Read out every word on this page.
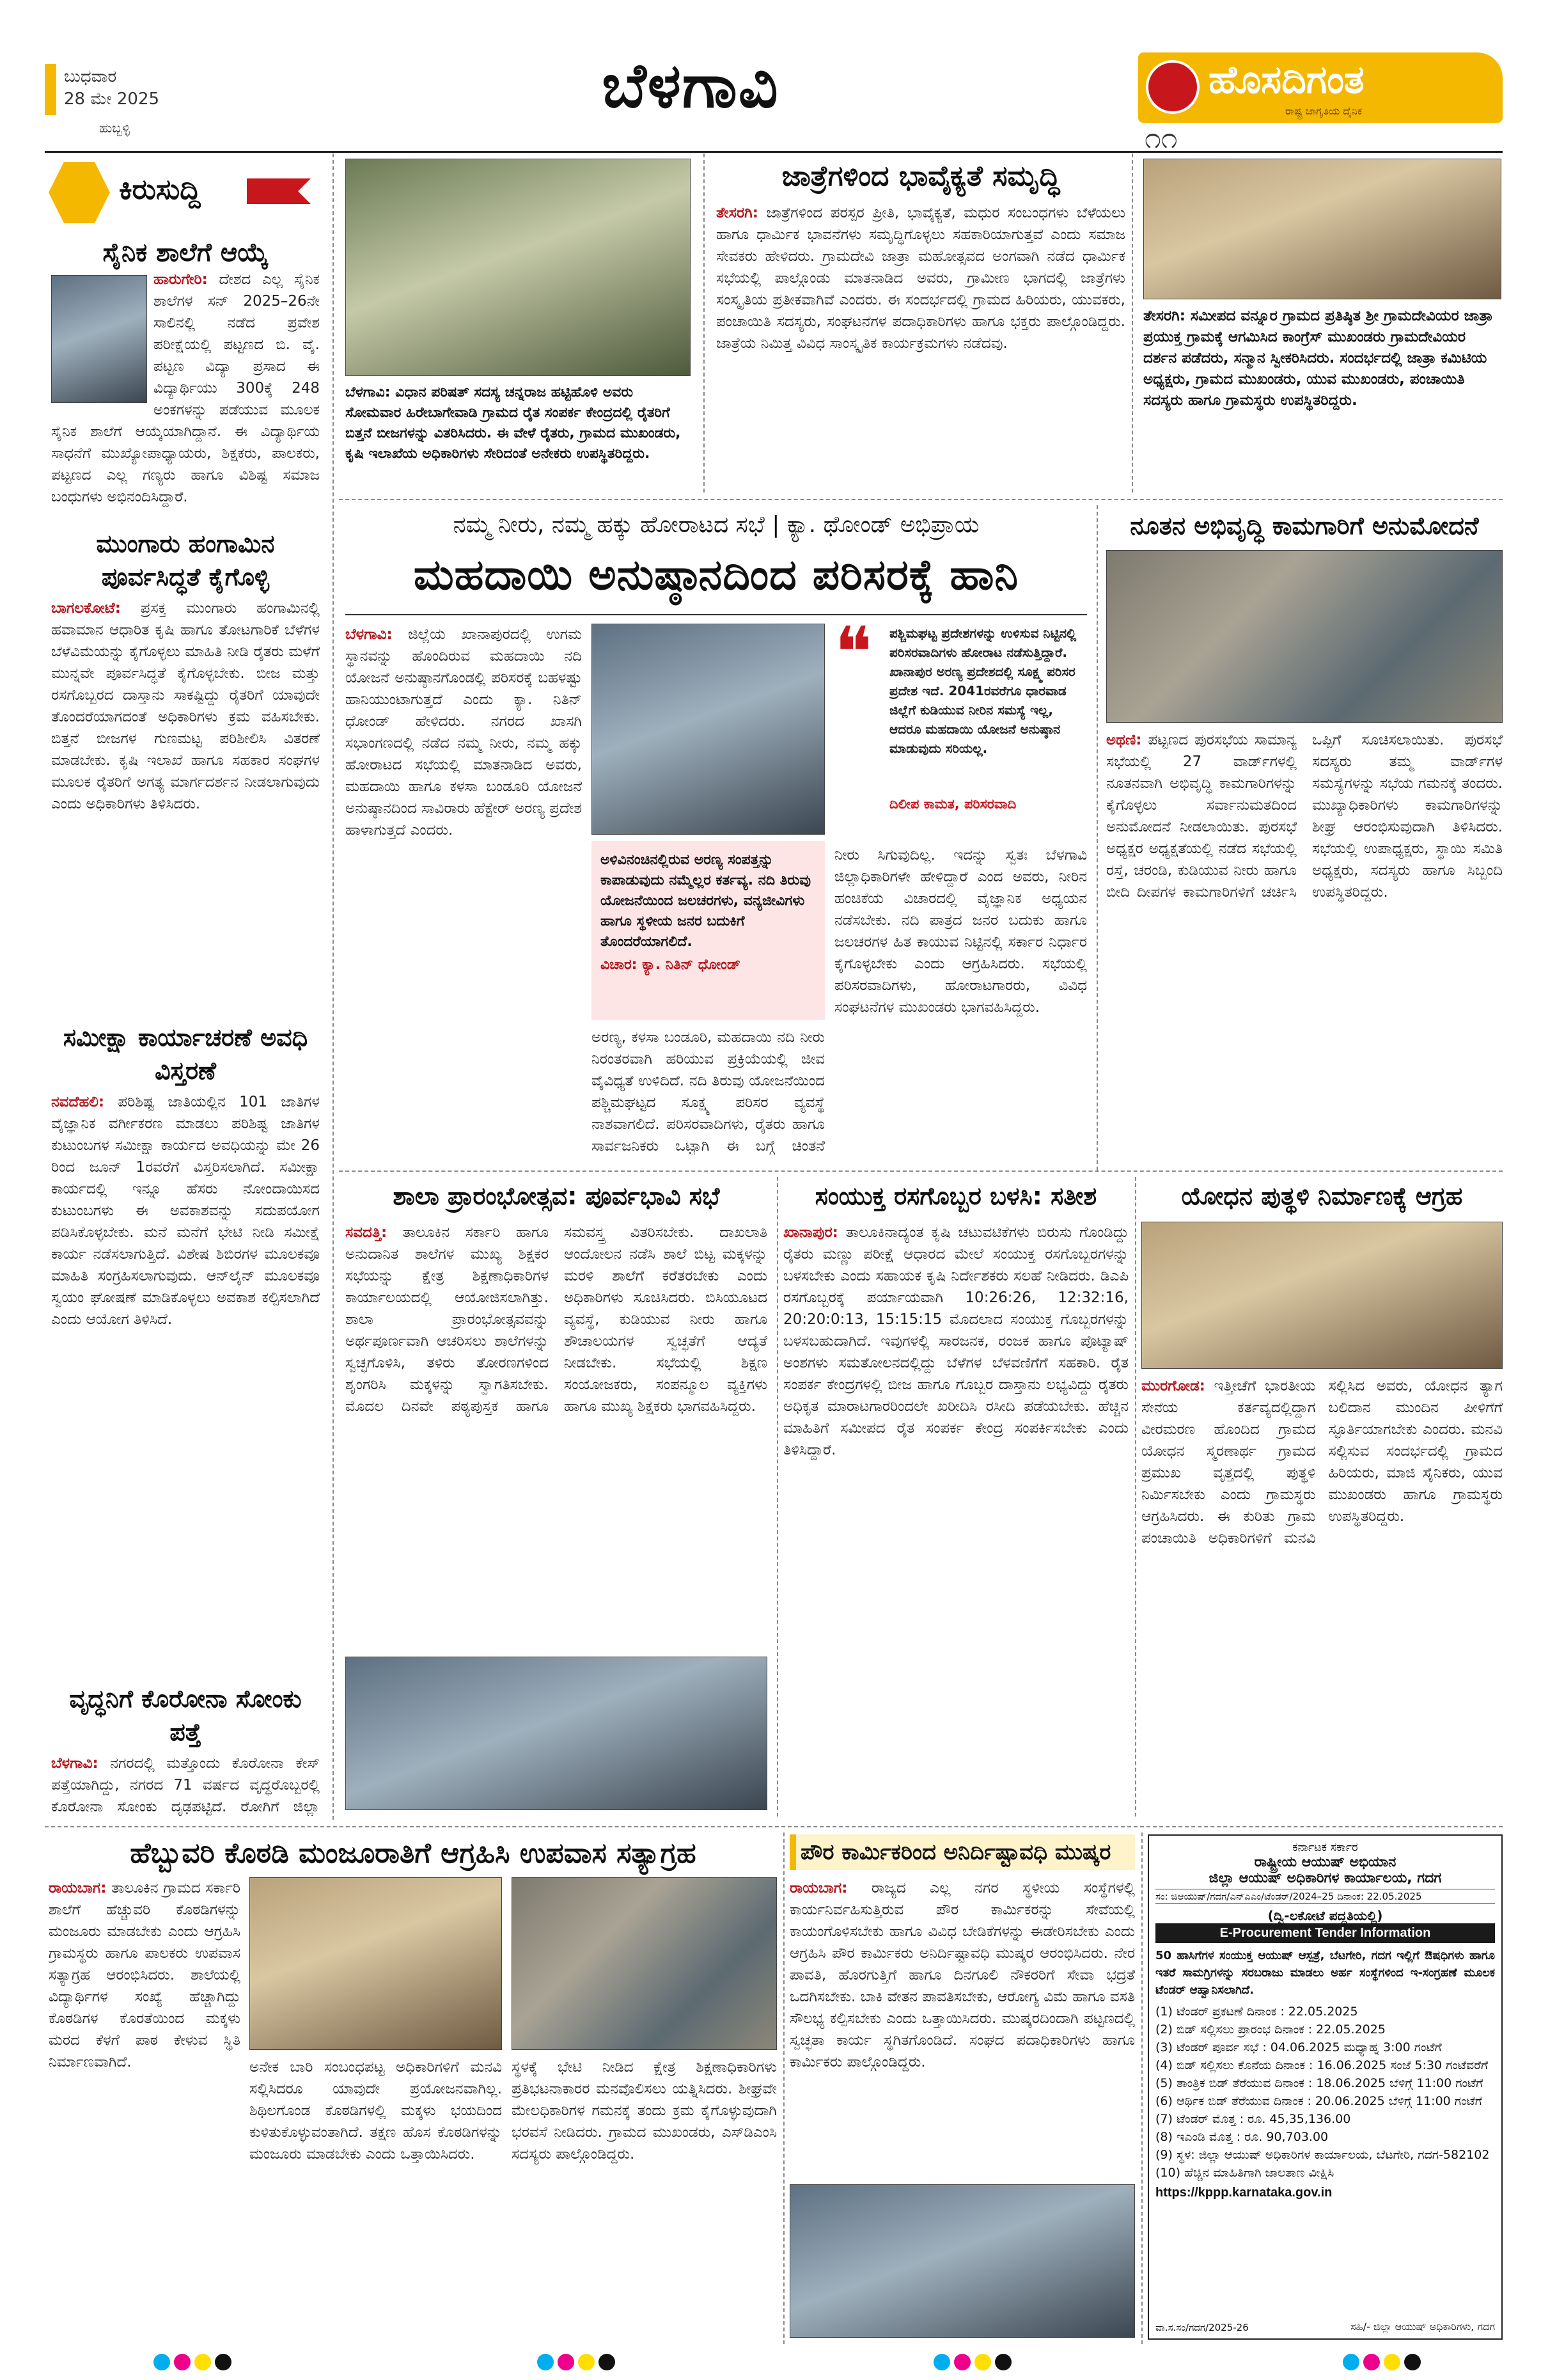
ಬುಧವಾರ
28 ಮೇ 2025
ಹುಬ್ಬಳ್ಳಿ
ಬೆಳಗಾವಿ	ಹೊಸದಿಗಂತ
ರಾಷ್ಟ್ರ ಜಾಗೃತಿಯ ದೈನಿಕ
೧೧
ಕಿರುಸುದ್ದಿ
ಸೈನಿಕ ಶಾಲೆಗೆ ಆಯ್ಕೆ
ಹಾರುಗೇರಿ: ದೇಶದ ಎಲ್ಲ ಸೈನಿಕ ಶಾಲೆಗಳ ಸನ್ 2025–26ನೇ ಸಾಲಿನಲ್ಲಿ ನಡೆದ ಪ್ರವೇಶ ಪರೀಕ್ಷೆಯಲ್ಲಿ ಪಟ್ಟಣದ ಬಿ. ವೈ. ಪಟ್ಟಣ ವಿದ್ಯಾ ಪ್ರಸಾದ ಈ ವಿದ್ಯಾರ್ಥಿಯು 300ಕ್ಕೆ 248 ಅಂಕಗಳನ್ನು ಪಡೆಯುವ ಮೂಲಕ ಸೈನಿಕ ಶಾಲೆಗೆ ಆಯ್ಕೆಯಾಗಿದ್ದಾನೆ. ಈ ವಿದ್ಯಾರ್ಥಿಯ ಸಾಧನೆಗೆ ಮುಖ್ಯೋಪಾಧ್ಯಾಯರು, ಶಿಕ್ಷಕರು, ಪಾಲಕರು, ಪಟ್ಟಣದ ಎಲ್ಲ ಗಣ್ಯರು ಹಾಗೂ ವಿಶಿಷ್ಟ ಸಮಾಜ ಬಂಧುಗಳು ಅಭಿನಂದಿಸಿದ್ದಾರೆ.
ಮುಂಗಾರು ಹಂಗಾಮಿನ ಪೂರ್ವಸಿದ್ಧತೆ ಕೈಗೊಳ್ಳಿ
ಬಾಗಲಕೋಟೆ: ಪ್ರಸಕ್ತ ಮುಂಗಾರು ಹಂಗಾಮಿನಲ್ಲಿ ಹವಾಮಾನ ಆಧಾರಿತ ಕೃಷಿ ಹಾಗೂ ತೋಟಗಾರಿಕೆ ಬೆಳೆಗಳ ಬೆಳೆವಿಮೆಯನ್ನು ಕೈಗೊಳ್ಳಲು ಮಾಹಿತಿ ನೀಡಿ ರೈತರು ಮಳೆಗೆ ಮುನ್ನವೇ ಪೂರ್ವಸಿದ್ಧತೆ ಕೈಗೊಳ್ಳಬೇಕು. ಬೀಜ ಮತ್ತು ರಸಗೊಬ್ಬರದ ದಾಸ್ತಾನು ಸಾಕಷ್ಟಿದ್ದು ರೈತರಿಗೆ ಯಾವುದೇ ತೊಂದರೆಯಾಗದಂತೆ ಅಧಿಕಾರಿಗಳು ಕ್ರಮ ವಹಿಸಬೇಕು. ಬಿತ್ತನೆ ಬೀಜಗಳ ಗುಣಮಟ್ಟ ಪರಿಶೀಲಿಸಿ ವಿತರಣೆ ಮಾಡಬೇಕು. ಕೃಷಿ ಇಲಾಖೆ ಹಾಗೂ ಸಹಕಾರ ಸಂಘಗಳ ಮೂಲಕ ರೈತರಿಗೆ ಅಗತ್ಯ ಮಾರ್ಗದರ್ಶನ ನೀಡಲಾಗುವುದು ಎಂದು ಅಧಿಕಾರಿಗಳು ತಿಳಿಸಿದರು.
ಸಮೀಕ್ಷಾ ಕಾರ್ಯಾಚರಣೆ ಅವಧಿ ವಿಸ್ತರಣೆ
ನವದೆಹಲಿ: ಪರಿಶಿಷ್ಟ ಜಾತಿಯಲ್ಲಿನ 101 ಜಾತಿಗಳ ವೈಜ್ಞಾನಿಕ ವರ್ಗೀಕರಣ ಮಾಡಲು ಪರಿಶಿಷ್ಟ ಜಾತಿಗಳ ಕುಟುಂಬಗಳ ಸಮೀಕ್ಷಾ ಕಾರ್ಯದ ಅವಧಿಯನ್ನು ಮೇ 26 ರಿಂದ ಜೂನ್ 1ರವರೆಗೆ ವಿಸ್ತರಿಸಲಾಗಿದೆ. ಸಮೀಕ್ಷಾ ಕಾರ್ಯದಲ್ಲಿ ಇನ್ನೂ ಹೆಸರು ನೋಂದಾಯಿಸದ ಕುಟುಂಬಗಳು ಈ ಅವಕಾಶವನ್ನು ಸದುಪಯೋಗ ಪಡಿಸಿಕೊಳ್ಳಬೇಕು. ಮನೆ ಮನೆಗೆ ಭೇಟಿ ನೀಡಿ ಸಮೀಕ್ಷೆ ಕಾರ್ಯ ನಡೆಸಲಾಗುತ್ತಿದೆ. ವಿಶೇಷ ಶಿಬಿರಗಳ ಮೂಲಕವೂ ಮಾಹಿತಿ ಸಂಗ್ರಹಿಸಲಾಗುವುದು. ಆನ್‌ಲೈನ್ ಮೂಲಕವೂ ಸ್ವಯಂ ಘೋಷಣೆ ಮಾಡಿಕೊಳ್ಳಲು ಅವಕಾಶ ಕಲ್ಪಿಸಲಾಗಿದೆ ಎಂದು ಆಯೋಗ ತಿಳಿಸಿದೆ.
ವೃದ್ಧನಿಗೆ ಕೊರೋನಾ ಸೋಂಕು ಪತ್ತೆ
ಬೆಳಗಾವಿ: ನಗರದಲ್ಲಿ ಮತ್ತೊಂದು ಕೊರೋನಾ ಕೇಸ್ ಪತ್ತೆಯಾಗಿದ್ದು, ನಗರದ 71 ವರ್ಷದ ವೃದ್ಧರೊಬ್ಬರಲ್ಲಿ ಕೊರೋನಾ ಸೋಂಕು ದೃಢಪಟ್ಟಿದೆ. ರೋಗಿಗೆ ಜಿಲ್ಲಾ
ಬೆಳಗಾವಿ: ವಿಧಾನ ಪರಿಷತ್ ಸದಸ್ಯ ಚನ್ನರಾಜ ಹಟ್ಟಿಹೊಳಿ ಅವರು ಸೋಮವಾರ ಹಿರೇಬಾಗೇವಾಡಿ ಗ್ರಾಮದ ರೈತ ಸಂಪರ್ಕ ಕೇಂದ್ರದಲ್ಲಿ ರೈತರಿಗೆ ಬಿತ್ತನೆ ಬೀಜಗಳನ್ನು ವಿತರಿಸಿದರು. ಈ ವೇಳೆ ರೈತರು, ಗ್ರಾಮದ ಮುಖಂಡರು, ಕೃಷಿ ಇಲಾಖೆಯ ಅಧಿಕಾರಿಗಳು ಸೇರಿದಂತೆ ಅನೇಕರು ಉಪಸ್ಥಿತರಿದ್ದರು.
ಜಾತ್ರೆಗಳಿಂದ ಭಾವೈಕ್ಯತೆ ಸಮೃದ್ಧಿ
ತೇಸರಗಿ: ಜಾತ್ರೆಗಳಿಂದ ಪರಸ್ಪರ ಪ್ರೀತಿ, ಭಾವೈಕ್ಯತೆ, ಮಧುರ ಸಂಬಂಧಗಳು ಬೆಳೆಯಲು ಹಾಗೂ ಧಾರ್ಮಿಕ ಭಾವನೆಗಳು ಸಮೃದ್ಧಿಗೊಳ್ಳಲು ಸಹಕಾರಿಯಾಗುತ್ತವೆ ಎಂದು ಸಮಾಜ ಸೇವಕರು ಹೇಳಿದರು. ಗ್ರಾಮದೇವಿ ಜಾತ್ರಾ ಮಹೋತ್ಸವದ ಅಂಗವಾಗಿ ನಡೆದ ಧಾರ್ಮಿಕ ಸಭೆಯಲ್ಲಿ ಪಾಲ್ಗೊಂಡು ಮಾತನಾಡಿದ ಅವರು, ಗ್ರಾಮೀಣ ಭಾಗದಲ್ಲಿ ಜಾತ್ರೆಗಳು ಸಂಸ್ಕೃತಿಯ ಪ್ರತೀಕವಾಗಿವೆ ಎಂದರು. ಈ ಸಂದರ್ಭದಲ್ಲಿ ಗ್ರಾಮದ ಹಿರಿಯರು, ಯುವಕರು, ಪಂಚಾಯಿತಿ ಸದಸ್ಯರು, ಸಂಘಟನೆಗಳ ಪದಾಧಿಕಾರಿಗಳು ಹಾಗೂ ಭಕ್ತರು ಪಾಲ್ಗೊಂಡಿದ್ದರು. ಜಾತ್ರೆಯ ನಿಮಿತ್ತ ವಿವಿಧ ಸಾಂಸ್ಕೃತಿಕ ಕಾರ್ಯಕ್ರಮಗಳು ನಡೆದವು.
ತೇಸರಗಿ: ಸಮೀಪದ ವನ್ನೂರ ಗ್ರಾಮದ ಪ್ರತಿಷ್ಠಿತ ಶ್ರೀ ಗ್ರಾಮದೇವಿಯರ ಜಾತ್ರಾ ಪ್ರಯುಕ್ತ ಗ್ರಾಮಕ್ಕೆ ಆಗಮಿಸಿದ ಕಾಂಗ್ರೆಸ್ ಮುಖಂಡರು ಗ್ರಾಮದೇವಿಯರ ದರ್ಶನ ಪಡೆದರು, ಸನ್ಮಾನ ಸ್ವೀಕರಿಸಿದರು. ಸಂದರ್ಭದಲ್ಲಿ ಜಾತ್ರಾ ಕಮಿಟಿಯ ಅಧ್ಯಕ್ಷರು, ಗ್ರಾಮದ ಮುಖಂಡರು, ಯುವ ಮುಖಂಡರು, ಪಂಚಾಯಿತಿ ಸದಸ್ಯರು ಹಾಗೂ ಗ್ರಾಮಸ್ಥರು ಉಪಸ್ಥಿತರಿದ್ದರು.
ನಮ್ಮ ನೀರು, ನಮ್ಮ ಹಕ್ಕು ಹೋರಾಟದ ಸಭೆ | ಕ್ಯಾ. ಥೋಂಡ್ ಅಭಿಪ್ರಾಯ
ಮಹದಾಯಿ ಅನುಷ್ಠಾನದಿಂದ ಪರಿಸರಕ್ಕೆ ಹಾನಿ
ಬೆಳಗಾವಿ: ಜಿಲ್ಲೆಯ ಖಾನಾಪುರದಲ್ಲಿ ಉಗಮ ಸ್ಥಾನವನ್ನು ಹೊಂದಿರುವ ಮಹದಾಯಿ ನದಿ ಯೋಜನೆ ಅನುಷ್ಠಾನಗೊಂಡಲ್ಲಿ ಪರಿಸರಕ್ಕೆ ಬಹಳಷ್ಟು ಹಾನಿಯುಂಟಾಗುತ್ತದೆ ಎಂದು ಕ್ಯಾ. ನಿತಿನ್ ಧೋಂಡ್ ಹೇಳಿದರು. ನಗರದ ಖಾಸಗಿ ಸಭಾಂಗಣದಲ್ಲಿ ನಡೆದ ನಮ್ಮ ನೀರು, ನಮ್ಮ ಹಕ್ಕು ಹೋರಾಟದ ಸಭೆಯಲ್ಲಿ ಮಾತನಾಡಿದ ಅವರು, ಮಹದಾಯಿ ಹಾಗೂ ಕಳಸಾ ಬಂಡೂರಿ ಯೋಜನೆ ಅನುಷ್ಠಾನದಿಂದ ಸಾವಿರಾರು ಹೆಕ್ಟೇರ್ ಅರಣ್ಯ ಪ್ರದೇಶ ಹಾಳಾಗುತ್ತದೆ ಎಂದರು.
ಅಳಿವಿನಂಚಿನಲ್ಲಿರುವ ಅರಣ್ಯ ಸಂಪತ್ತನ್ನು ಕಾಪಾಡುವುದು ನಮ್ಮೆಲ್ಲರ ಕರ್ತವ್ಯ. ನದಿ ತಿರುವು ಯೋಜನೆಯಿಂದ ಜಲಚರಗಳು, ವನ್ಯಜೀವಿಗಳು ಹಾಗೂ ಸ್ಥಳೀಯ ಜನರ ಬದುಕಿಗೆ ತೊಂದರೆಯಾಗಲಿದೆ.
ವಿಚಾರ: ಕ್ಯಾ. ನಿತಿನ್ ಧೋಂಡ್
ಅರಣ್ಯ, ಕಳಸಾ ಬಂಡೂರಿ, ಮಹದಾಯಿ ನದಿ ನೀರು ನಿರಂತರವಾಗಿ ಹರಿಯುವ ಪ್ರಕ್ರಿಯೆಯಲ್ಲಿ ಜೀವ ವೈವಿಧ್ಯತೆ ಉಳಿದಿದೆ. ನದಿ ತಿರುವು ಯೋಜನೆಯಿಂದ ಪಶ್ಚಿಮಘಟ್ಟದ ಸೂಕ್ಷ್ಮ ಪರಿಸರ ವ್ಯವಸ್ಥೆ ನಾಶವಾಗಲಿದೆ. ಪರಿಸರವಾದಿಗಳು, ರೈತರು ಹಾಗೂ ಸಾರ್ವಜನಿಕರು ಒಟ್ಟಾಗಿ ಈ ಬಗ್ಗೆ ಚಿಂತನೆ
❝	ಪಶ್ಚಿಮಘಟ್ಟ ಪ್ರದೇಶಗಳನ್ನು ಉಳಿಸುವ ನಿಟ್ಟಿನಲ್ಲಿ ಪರಿಸರವಾದಿಗಳು ಹೋರಾಟ ನಡೆಸುತ್ತಿದ್ದಾರೆ. ಖಾನಾಪುರ ಅರಣ್ಯ ಪ್ರದೇಶದಲ್ಲಿ ಸೂಕ್ಷ್ಮ ಪರಿಸರ ಪ್ರದೇಶ ಇದೆ. 2041ರವರೆಗೂ ಧಾರವಾಡ ಜಿಲ್ಲೆಗೆ ಕುಡಿಯುವ ನೀರಿನ ಸಮಸ್ಯೆ ಇಲ್ಲ, ಆದರೂ ಮಹದಾಯಿ ಯೋಜನೆ ಅನುಷ್ಠಾನ ಮಾಡುವುದು ಸರಿಯಲ್ಲ.
ದಿಲೀಪ ಕಾಮತ, ಪರಿಸರವಾದಿ
ನೀರು ಸಿಗುವುದಿಲ್ಲ. ಇದನ್ನು ಸ್ವತಃ ಬೆಳಗಾವಿ ಜಿಲ್ಲಾಧಿಕಾರಿಗಳೇ ಹೇಳಿದ್ದಾರೆ ಎಂದ ಅವರು, ನೀರಿನ ಹಂಚಿಕೆಯ ವಿಚಾರದಲ್ಲಿ ವೈಜ್ಞಾನಿಕ ಅಧ್ಯಯನ ನಡೆಸಬೇಕು. ನದಿ ಪಾತ್ರದ ಜನರ ಬದುಕು ಹಾಗೂ ಜಲಚರಗಳ ಹಿತ ಕಾಯುವ ನಿಟ್ಟಿನಲ್ಲಿ ಸರ್ಕಾರ ನಿರ್ಧಾರ ಕೈಗೊಳ್ಳಬೇಕು ಎಂದು ಆಗ್ರಹಿಸಿದರು. ಸಭೆಯಲ್ಲಿ ಪರಿಸರವಾದಿಗಳು, ಹೋರಾಟಗಾರರು, ವಿವಿಧ ಸಂಘಟನೆಗಳ ಮುಖಂಡರು ಭಾಗವಹಿಸಿದ್ದರು.
ನೂತನ ಅಭಿವೃದ್ಧಿ ಕಾಮಗಾರಿಗೆ ಅನುಮೋದನೆ
ಅಥಣಿ: ಪಟ್ಟಣದ ಪುರಸಭೆಯ ಸಾಮಾನ್ಯ ಸಭೆಯಲ್ಲಿ 27 ವಾರ್ಡ್‌ಗಳಲ್ಲಿ ನೂತನವಾಗಿ ಅಭಿವೃದ್ಧಿ ಕಾಮಗಾರಿಗಳನ್ನು ಕೈಗೊಳ್ಳಲು ಸರ್ವಾನುಮತದಿಂದ ಅನುಮೋದನೆ ನೀಡಲಾಯಿತು. ಪುರಸಭೆ ಅಧ್ಯಕ್ಷರ ಅಧ್ಯಕ್ಷತೆಯಲ್ಲಿ ನಡೆದ ಸಭೆಯಲ್ಲಿ ರಸ್ತೆ, ಚರಂಡಿ, ಕುಡಿಯುವ ನೀರು ಹಾಗೂ ಬೀದಿ ದೀಪಗಳ ಕಾಮಗಾರಿಗಳಿಗೆ ಚರ್ಚಿಸಿ ಒಪ್ಪಿಗೆ ಸೂಚಿಸಲಾಯಿತು. ಪುರಸಭೆ ಸದಸ್ಯರು ತಮ್ಮ ವಾರ್ಡ್‌ಗಳ ಸಮಸ್ಯೆಗಳನ್ನು ಸಭೆಯ ಗಮನಕ್ಕೆ ತಂದರು. ಮುಖ್ಯಾಧಿಕಾರಿಗಳು ಕಾಮಗಾರಿಗಳನ್ನು ಶೀಘ್ರ ಆರಂಭಿಸುವುದಾಗಿ ತಿಳಿಸಿದರು. ಸಭೆಯಲ್ಲಿ ಉಪಾಧ್ಯಕ್ಷರು, ಸ್ಥಾಯಿ ಸಮಿತಿ ಅಧ್ಯಕ್ಷರು, ಸದಸ್ಯರು ಹಾಗೂ ಸಿಬ್ಬಂದಿ ಉಪಸ್ಥಿತರಿದ್ದರು.
ಶಾಲಾ ಪ್ರಾರಂಭೋತ್ಸವ: ಪೂರ್ವಭಾವಿ ಸಭೆ
ಸವದತ್ತಿ: ತಾಲೂಕಿನ ಸರ್ಕಾರಿ ಹಾಗೂ ಅನುದಾನಿತ ಶಾಲೆಗಳ ಮುಖ್ಯ ಶಿಕ್ಷಕರ ಸಭೆಯನ್ನು ಕ್ಷೇತ್ರ ಶಿಕ್ಷಣಾಧಿಕಾರಿಗಳ ಕಾರ್ಯಾಲಯದಲ್ಲಿ ಆಯೋಜಿಸಲಾಗಿತ್ತು. ಶಾಲಾ ಪ್ರಾರಂಭೋತ್ಸವವನ್ನು ಅರ್ಥಪೂರ್ಣವಾಗಿ ಆಚರಿಸಲು ಶಾಲೆಗಳನ್ನು ಸ್ವಚ್ಛಗೊಳಿಸಿ, ತಳಿರು ತೋರಣಗಳಿಂದ ಶೃಂಗರಿಸಿ ಮಕ್ಕಳನ್ನು ಸ್ವಾಗತಿಸಬೇಕು. ಮೊದಲ ದಿನವೇ ಪಠ್ಯಪುಸ್ತಕ ಹಾಗೂ ಸಮವಸ್ತ್ರ ವಿತರಿಸಬೇಕು. ದಾಖಲಾತಿ ಆಂದೋಲನ ನಡೆಸಿ ಶಾಲೆ ಬಿಟ್ಟ ಮಕ್ಕಳನ್ನು ಮರಳಿ ಶಾಲೆಗೆ ಕರೆತರಬೇಕು ಎಂದು ಅಧಿಕಾರಿಗಳು ಸೂಚಿಸಿದರು. ಬಿಸಿಯೂಟದ ವ್ಯವಸ್ಥೆ, ಕುಡಿಯುವ ನೀರು ಹಾಗೂ ಶೌಚಾಲಯಗಳ ಸ್ವಚ್ಛತೆಗೆ ಆದ್ಯತೆ ನೀಡಬೇಕು. ಸಭೆಯಲ್ಲಿ ಶಿಕ್ಷಣ ಸಂಯೋಜಕರು, ಸಂಪನ್ಮೂಲ ವ್ಯಕ್ತಿಗಳು ಹಾಗೂ ಮುಖ್ಯ ಶಿಕ್ಷಕರು ಭಾಗವಹಿಸಿದ್ದರು.
ಸಂಯುಕ್ತ ರಸಗೊಬ್ಬರ ಬಳಸಿ: ಸತೀಶ
ಖಾನಾಪುರ: ತಾಲೂಕಿನಾದ್ಯಂತ ಕೃಷಿ ಚಟುವಟಿಕೆಗಳು ಬಿರುಸು ಗೊಂಡಿದ್ದು ರೈತರು ಮಣ್ಣು ಪರೀಕ್ಷೆ ಆಧಾರದ ಮೇಲೆ ಸಂಯುಕ್ತ ರಸಗೊಬ್ಬರಗಳನ್ನು ಬಳಸಬೇಕು ಎಂದು ಸಹಾಯಕ ಕೃಷಿ ನಿರ್ದೇಶಕರು ಸಲಹೆ ನೀಡಿದರು. ಡಿಎಪಿ ರಸಗೊಬ್ಬರಕ್ಕೆ ಪರ್ಯಾಯವಾಗಿ 10:26:26, 12:32:16, 20:20:0:13, 15:15:15 ಮೊದಲಾದ ಸಂಯುಕ್ತ ಗೊಬ್ಬರಗಳನ್ನು ಬಳಸಬಹುದಾಗಿದೆ. ಇವುಗಳಲ್ಲಿ ಸಾರಜನಕ, ರಂಜಕ ಹಾಗೂ ಪೊಟ್ಯಾಷ್ ಅಂಶಗಳು ಸಮತೋಲನದಲ್ಲಿದ್ದು ಬೆಳೆಗಳ ಬೆಳವಣಿಗೆಗೆ ಸಹಕಾರಿ. ರೈತ ಸಂಪರ್ಕ ಕೇಂದ್ರಗಳಲ್ಲಿ ಬೀಜ ಹಾಗೂ ಗೊಬ್ಬರ ದಾಸ್ತಾನು ಲಭ್ಯವಿದ್ದು ರೈತರು ಅಧಿಕೃತ ಮಾರಾಟಗಾರರಿಂದಲೇ ಖರೀದಿಸಿ ರಸೀದಿ ಪಡೆಯಬೇಕು. ಹೆಚ್ಚಿನ ಮಾಹಿತಿಗೆ ಸಮೀಪದ ರೈತ ಸಂಪರ್ಕ ಕೇಂದ್ರ ಸಂಪರ್ಕಿಸಬೇಕು ಎಂದು ತಿಳಿಸಿದ್ದಾರೆ.
ಯೋಧನ ಪುತ್ಥಳಿ ನಿರ್ಮಾಣಕ್ಕೆ ಆಗ್ರಹ
ಮುರಗೋಡ: ಇತ್ತೀಚೆಗೆ ಭಾರತೀಯ ಸೇನೆಯ ಕರ್ತವ್ಯದಲ್ಲಿದ್ದಾಗ ವೀರಮರಣ ಹೊಂದಿದ ಗ್ರಾಮದ ಯೋಧನ ಸ್ಮರಣಾರ್ಥ ಗ್ರಾಮದ ಪ್ರಮುಖ ವೃತ್ತದಲ್ಲಿ ಪುತ್ಥಳಿ ನಿರ್ಮಿಸಬೇಕು ಎಂದು ಗ್ರಾಮಸ್ಥರು ಆಗ್ರಹಿಸಿದರು. ಈ ಕುರಿತು ಗ್ರಾಮ ಪಂಚಾಯಿತಿ ಅಧಿಕಾರಿಗಳಿಗೆ ಮನವಿ ಸಲ್ಲಿಸಿದ ಅವರು, ಯೋಧನ ತ್ಯಾಗ ಬಲಿದಾನ ಮುಂದಿನ ಪೀಳಿಗೆಗೆ ಸ್ಫೂರ್ತಿಯಾಗಬೇಕು ಎಂದರು. ಮನವಿ ಸಲ್ಲಿಸುವ ಸಂದರ್ಭದಲ್ಲಿ ಗ್ರಾಮದ ಹಿರಿಯರು, ಮಾಜಿ ಸೈನಿಕರು, ಯುವ ಮುಖಂಡರು ಹಾಗೂ ಗ್ರಾಮಸ್ಥರು ಉಪಸ್ಥಿತರಿದ್ದರು.
ಹೆಬ್ಬುವರಿ ಕೊಠಡಿ ಮಂಜೂರಾತಿಗೆ ಆಗ್ರಹಿಸಿ ಉಪವಾಸ ಸತ್ಯಾಗ್ರಹ
ರಾಯಬಾಗ: ತಾಲೂಕಿನ ಗ್ರಾಮದ ಸರ್ಕಾರಿ ಶಾಲೆಗೆ ಹೆಚ್ಚುವರಿ ಕೊಠಡಿಗಳನ್ನು ಮಂಜೂರು ಮಾಡಬೇಕು ಎಂದು ಆಗ್ರಹಿಸಿ ಗ್ರಾಮಸ್ಥರು ಹಾಗೂ ಪಾಲಕರು ಉಪವಾಸ ಸತ್ಯಾಗ್ರಹ ಆರಂಭಿಸಿದರು. ಶಾಲೆಯಲ್ಲಿ ವಿದ್ಯಾರ್ಥಿಗಳ ಸಂಖ್ಯೆ ಹೆಚ್ಚಾಗಿದ್ದು ಕೊಠಡಿಗಳ ಕೊರತೆಯಿಂದ ಮಕ್ಕಳು ಮರದ ಕೆಳಗೆ ಪಾಠ ಕೇಳುವ ಸ್ಥಿತಿ ನಿರ್ಮಾಣವಾಗಿದೆ.	ಅನೇಕ ಬಾರಿ ಸಂಬಂಧಪಟ್ಟ ಅಧಿಕಾರಿಗಳಿಗೆ ಮನವಿ ಸಲ್ಲಿಸಿದರೂ ಯಾವುದೇ ಪ್ರಯೋಜನವಾಗಿಲ್ಲ. ಶಿಥಿಲಗೊಂಡ ಕೊಠಡಿಗಳಲ್ಲಿ ಮಕ್ಕಳು ಭಯದಿಂದ ಕುಳಿತುಕೊಳ್ಳುವಂತಾಗಿದೆ. ತಕ್ಷಣ ಹೊಸ ಕೊಠಡಿಗಳನ್ನು ಮಂಜೂರು ಮಾಡಬೇಕು ಎಂದು ಒತ್ತಾಯಿಸಿದರು.
ಸ್ಥಳಕ್ಕೆ ಭೇಟಿ ನೀಡಿದ ಕ್ಷೇತ್ರ ಶಿಕ್ಷಣಾಧಿಕಾರಿಗಳು ಪ್ರತಿಭಟನಾಕಾರರ ಮನವೊಲಿಸಲು ಯತ್ನಿಸಿದರು. ಶೀಘ್ರವೇ ಮೇಲಧಿಕಾರಿಗಳ ಗಮನಕ್ಕೆ ತಂದು ಕ್ರಮ ಕೈಗೊಳ್ಳುವುದಾಗಿ ಭರವಸೆ ನೀಡಿದರು. ಗ್ರಾಮದ ಮುಖಂಡರು, ಎಸ್‌ಡಿಎಂಸಿ ಸದಸ್ಯರು ಪಾಲ್ಗೊಂಡಿದ್ದರು.
ಪೌರ ಕಾರ್ಮಿಕರಿಂದ ಅನಿರ್ದಿಷ್ಟಾವಧಿ ಮುಷ್ಕರ
ರಾಯಬಾಗ: ರಾಜ್ಯದ ಎಲ್ಲ ನಗರ ಸ್ಥಳೀಯ ಸಂಸ್ಥೆಗಳಲ್ಲಿ ಕಾರ್ಯನಿರ್ವಹಿಸುತ್ತಿರುವ ಪೌರ ಕಾರ್ಮಿಕರನ್ನು ಸೇವೆಯಲ್ಲಿ ಕಾಯಂಗೊಳಿಸಬೇಕು ಹಾಗೂ ವಿವಿಧ ಬೇಡಿಕೆಗಳನ್ನು ಈಡೇರಿಸಬೇಕು ಎಂದು ಆಗ್ರಹಿಸಿ ಪೌರ ಕಾರ್ಮಿಕರು ಅನಿರ್ದಿಷ್ಟಾವಧಿ ಮುಷ್ಕರ ಆರಂಭಿಸಿದರು. ನೇರ ಪಾವತಿ, ಹೊರಗುತ್ತಿಗೆ ಹಾಗೂ ದಿನಗೂಲಿ ನೌಕರರಿಗೆ ಸೇವಾ ಭದ್ರತೆ ಒದಗಿಸಬೇಕು. ಬಾಕಿ ವೇತನ ಪಾವತಿಸಬೇಕು, ಆರೋಗ್ಯ ವಿಮೆ ಹಾಗೂ ವಸತಿ ಸೌಲಭ್ಯ ಕಲ್ಪಿಸಬೇಕು ಎಂದು ಒತ್ತಾಯಿಸಿದರು. ಮುಷ್ಕರದಿಂದಾಗಿ ಪಟ್ಟಣದಲ್ಲಿ ಸ್ವಚ್ಛತಾ ಕಾರ್ಯ ಸ್ಥಗಿತಗೊಂಡಿದೆ. ಸಂಘದ ಪದಾಧಿಕಾರಿಗಳು ಹಾಗೂ ಕಾರ್ಮಿಕರು ಪಾಲ್ಗೊಂಡಿದ್ದರು.
ಕರ್ನಾಟಕ ಸರ್ಕಾರ
ರಾಷ್ಟ್ರೀಯ ಆಯುಷ್ ಅಭಿಯಾನ
ಜಿಲ್ಲಾ ಆಯುಷ್ ಅಧಿಕಾರಿಗಳ ಕಾರ್ಯಾಲಯ, ಗದಗ
ಸಂ: ಜಿಆಯುಷ್/ಗದಗ/ಎನ್‌ಎಎಂ/ಟೆಂಡರ್/2024–25 ದಿನಾಂಕ: 22.05.2025
(ದ್ವಿ-ಲಕೋಟೆ ಪದ್ಧತಿಯಲ್ಲಿ)
E-Procurement Tender Information
50 ಹಾಸಿಗೆಗಳ ಸಂಯುಕ್ತ ಆಯುಷ್ ಆಸ್ಪತ್ರೆ, ಬೆಟಗೇರಿ, ಗದಗ ಇಲ್ಲಿಗೆ ಔಷಧಿಗಳು ಹಾಗೂ ಇತರೆ ಸಾಮಗ್ರಿಗಳನ್ನು ಸರಬರಾಜು ಮಾಡಲು ಅರ್ಹ ಸಂಸ್ಥೆಗಳಿಂದ ಇ-ಸಂಗ್ರಹಣೆ ಮೂಲಕ ಟೆಂಡರ್ ಆಹ್ವಾನಿಸಲಾಗಿದೆ.
(1) ಟೆಂಡರ್ ಪ್ರಕಟಣೆ ದಿನಾಂಕ : 22.05.2025
(2) ಬಿಡ್ ಸಲ್ಲಿಸಲು ಪ್ರಾರಂಭ ದಿನಾಂಕ : 22.05.2025
(3) ಟೆಂಡರ್ ಪೂರ್ವ ಸಭೆ : 04.06.2025 ಮಧ್ಯಾಹ್ನ 3:00 ಗಂಟೆಗೆ
(4) ಬಿಡ್ ಸಲ್ಲಿಸಲು ಕೊನೆಯ ದಿನಾಂಕ : 16.06.2025 ಸಂಜೆ 5:30 ಗಂಟೆವರೆಗೆ
(5) ತಾಂತ್ರಿಕ ಬಿಡ್ ತೆರೆಯುವ ದಿನಾಂಕ : 18.06.2025 ಬೆಳಿಗ್ಗೆ 11:00 ಗಂಟೆಗೆ
(6) ಆರ್ಥಿಕ ಬಿಡ್ ತೆರೆಯುವ ದಿನಾಂಕ : 20.06.2025 ಬೆಳಿಗ್ಗೆ 11:00 ಗಂಟೆಗೆ
(7) ಟೆಂಡರ್ ಮೊತ್ತ : ರೂ. 45,35,136.00
(8) ಇಎಂಡಿ ಮೊತ್ತ : ರೂ. 90,703.00
(9) ಸ್ಥಳ: ಜಿಲ್ಲಾ ಆಯುಷ್ ಅಧಿಕಾರಿಗಳ ಕಾರ್ಯಾಲಯ, ಬೆಟಗೇರಿ, ಗದಗ-582102
(10) ಹೆಚ್ಚಿನ ಮಾಹಿತಿಗಾಗಿ ಜಾಲತಾಣ ವೀಕ್ಷಿಸಿ
https://kppp.karnataka.gov.in
ವಾ.ಸ.ಸಂ/ಗದಗ/2025-26	ಸಹಿ/- ಜಿಲ್ಲಾ ಆಯುಷ್ ಅಧಿಕಾರಿಗಳು, ಗದಗ
